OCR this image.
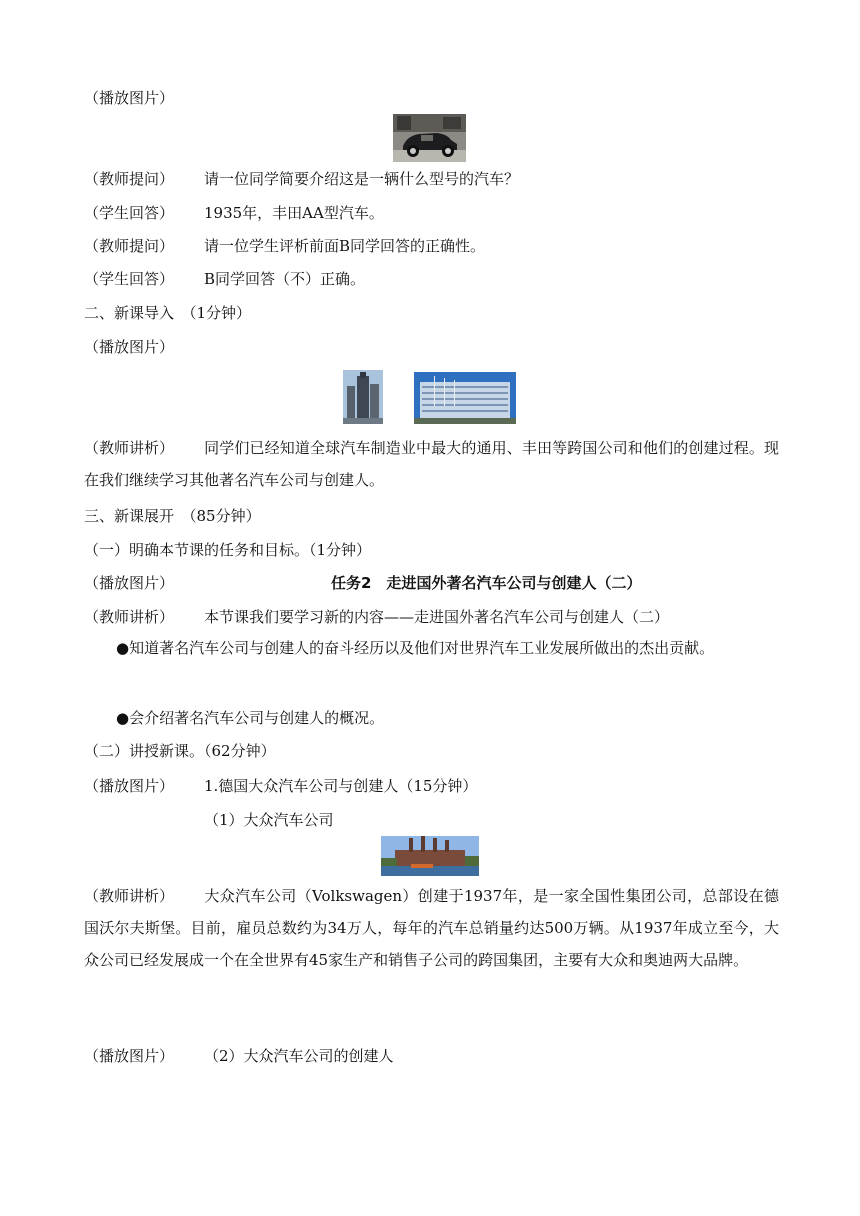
（播放图片）
（教师提问） 请一位同学简要介绍这是一辆什么型号的汽车？
（学生回答） 1935年，丰田AA型汽车。
（教师提问） 请一位学生评析前面B同学回答的正确性。
（学生回答） B同学回答（不）正确。
二、新课导入　（1分钟）
（播放图片）
（教师讲析） 同学们已经知道全球汽车制造业中最大的通用、丰田等跨国公司和他们的创建过程。现在我们继续学习其他著名汽车公司与创建人。
三、新课展开　（85分钟）
（一）明确本节课的任务和目标。（1分钟）
（播放图片）	任务2　走进国外著名汽车公司与创建人（二）
（教师讲析） 本节课我们要学习新的内容——走进国外著名汽车公司与创建人（二）
●知道著名汽车公司与创建人的奋斗经历以及他们对世界汽车工业发展所做出的杰出贡献。
●会介绍著名汽车公司与创建人的概况。
（二）讲授新课。（62分钟）
（播放图片） 1.德国大众汽车公司与创建人（15分钟）
（1）大众汽车公司
（教师讲析） 大众汽车公司（Volkswagen）创建于1937年，是一家全国性集团公司，总部设在德国沃尔夫斯堡。目前，雇员总数约为34万人，每年的汽车总销量约达500万辆。从1937年成立至今，大众公司已经发展成一个在全世界有45家生产和销售子公司的跨国集团，主要有大众和奥迪两大品牌。
（播放图片） （2）大众汽车公司的创建人
